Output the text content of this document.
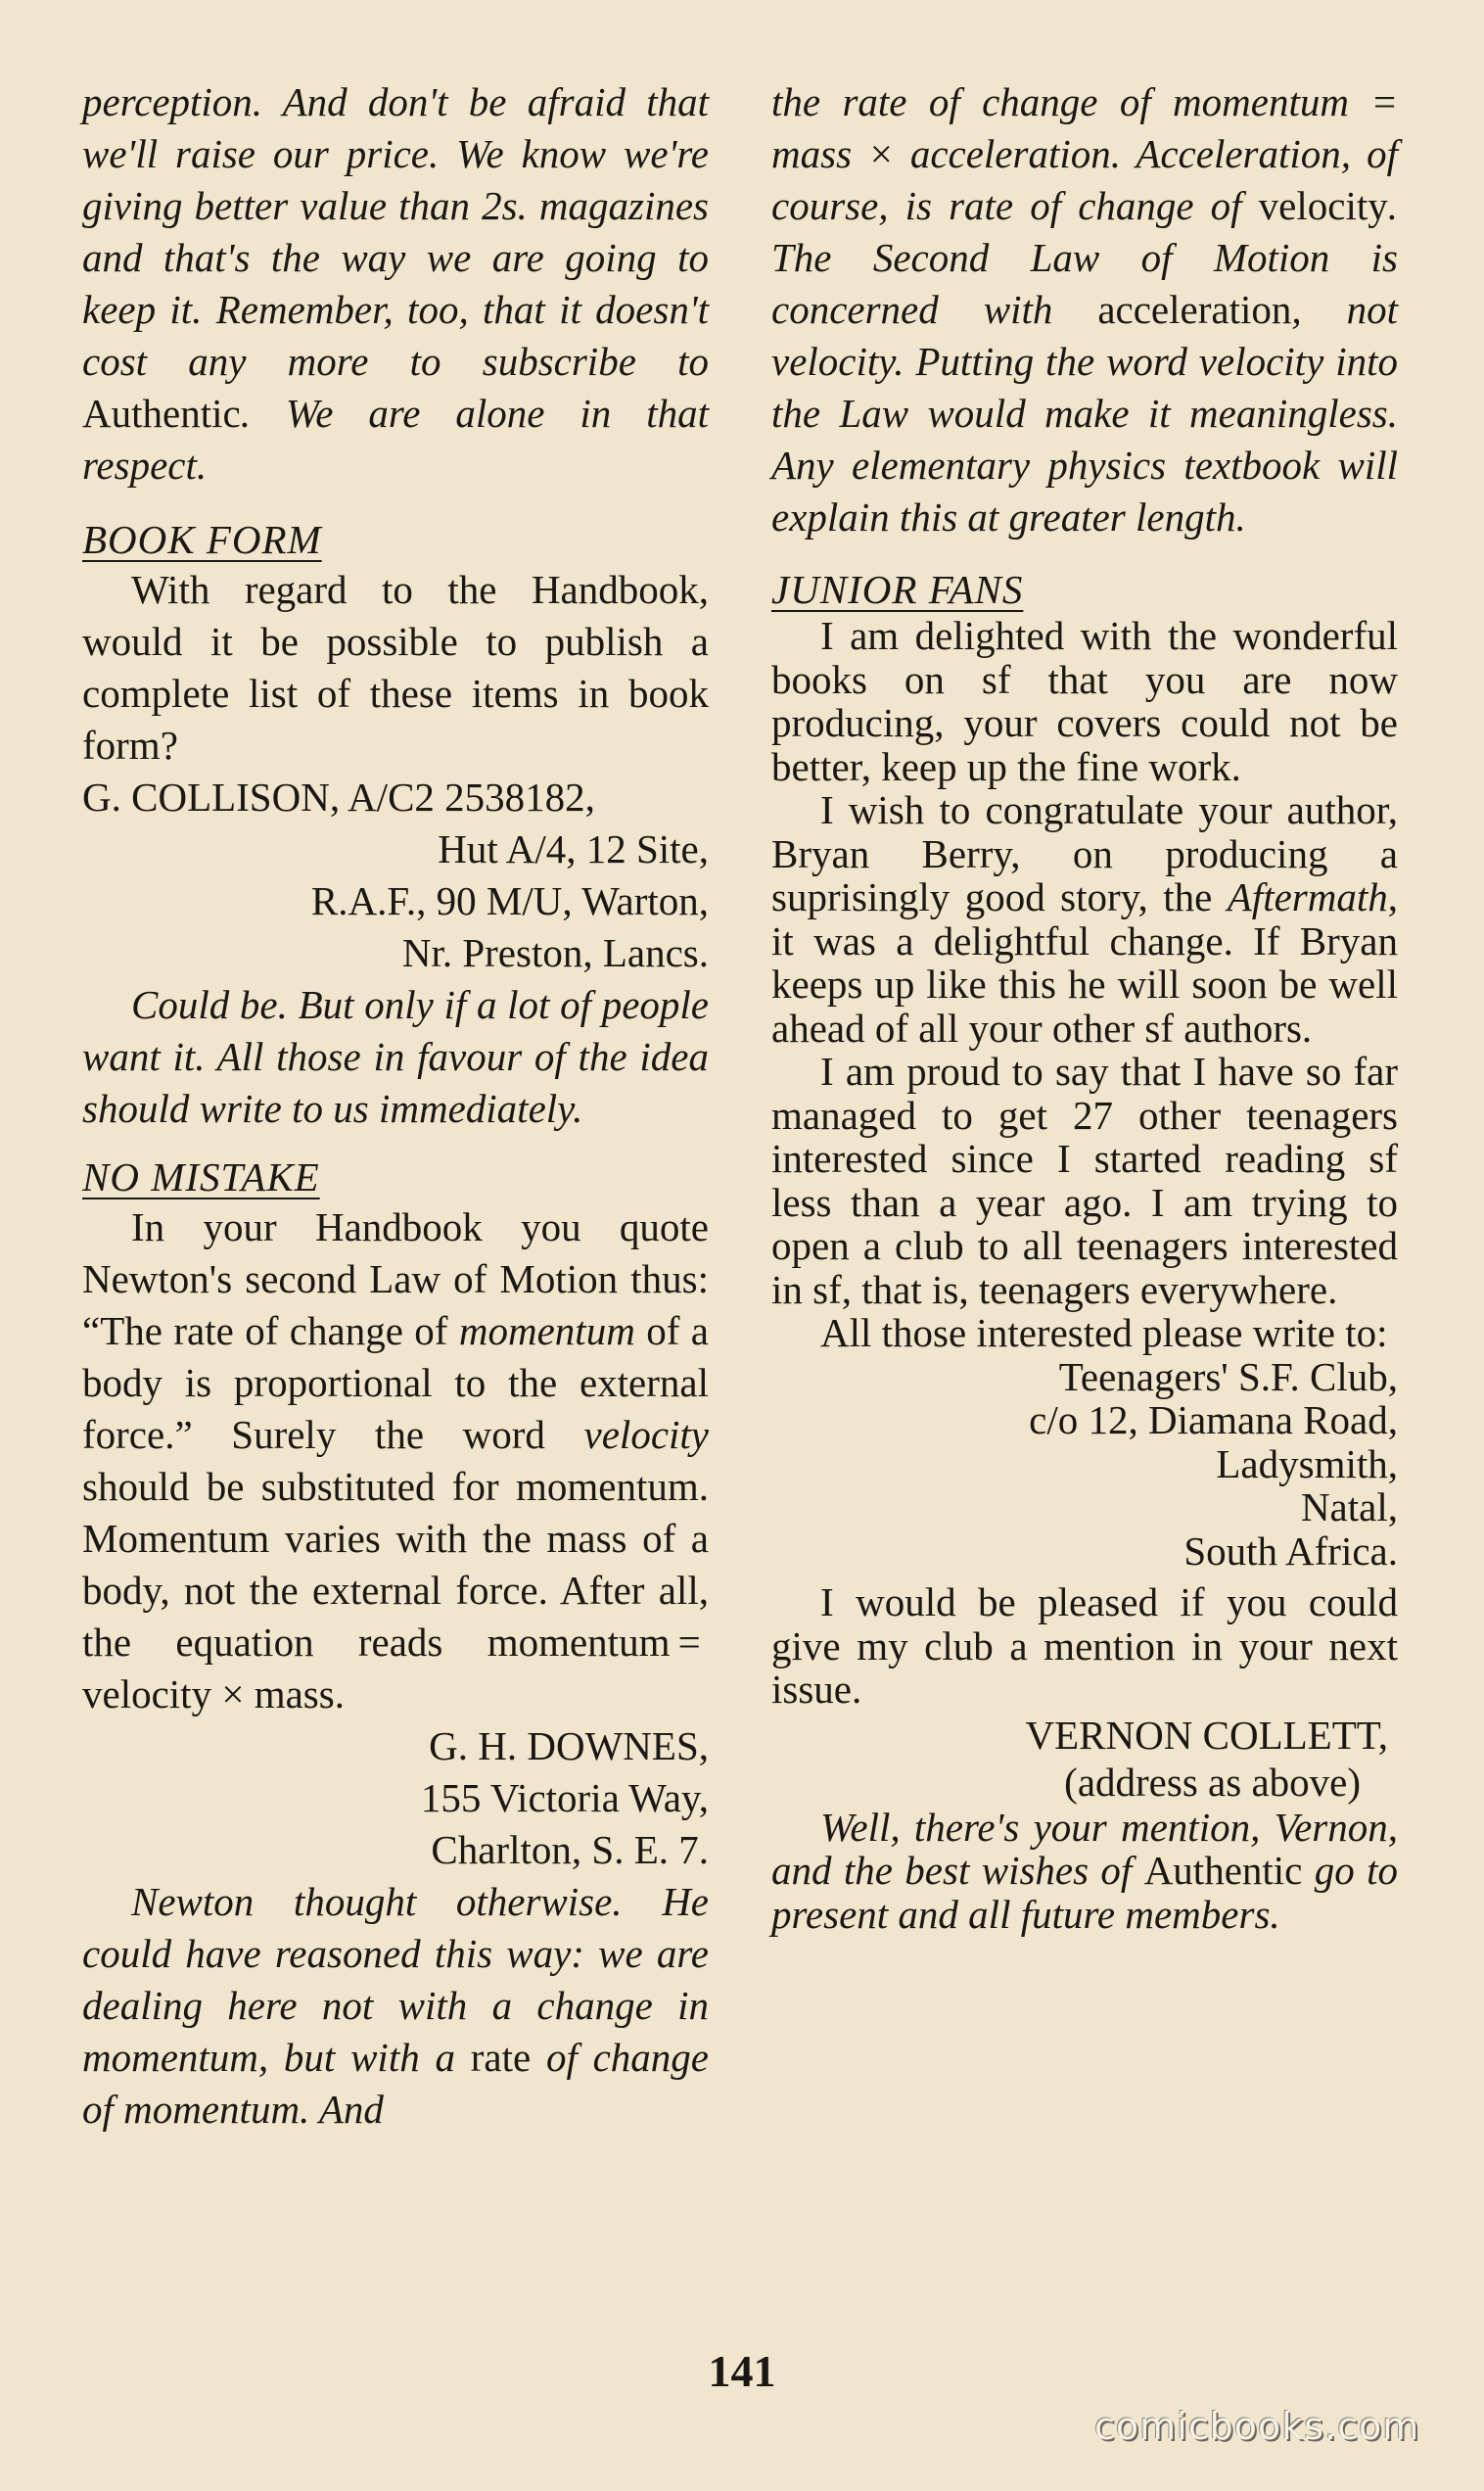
perception. And don't be afraid that we'll raise our price. We know we're giving better value than 2s. magazines and that's the way we are going to keep it. Remember, too, that it doesn't cost any more to subscribe to Authentic. We are alone in that respect.

BOOK FORM

With regard to the Handbook, would it be possible to publish a complete list of these items in book form?

G. COLLISON, A/C2 2538182,

Hut A/4, 12 Site,

R.A.F., 90 M/U, Warton,

Nr. Preston, Lancs.

Could be. But only if a lot of people want it. All those in favour of the idea should write to us immediately.

NO MISTAKE

In your Handbook you quote Newton's second Law of Motion thus: “The rate of change of momentum of a body is proportional to the external force.” Surely the word velocity should be substituted for momentum. Momentum varies with the mass of a body, not the external force. After all, the equation reads momentum = velocity × mass.

G. H. DOWNES,

155 Victoria Way,

Charlton, S. E. 7.

Newton thought otherwise. He could have reasoned this way: we are dealing here not with a change in momentum, but with a rate of change of momentum. And

the rate of change of momentum = mass × acceleration. Acceleration, of course, is rate of change of velocity. The Second Law of Motion is concerned with acceleration, not velocity. Putting the word velocity into the Law would make it meaningless. Any elementary physics textbook will explain this at greater length.

JUNIOR FANS

I am delighted with the wonderful books on sf that you are now producing, your covers could not be better, keep up the fine work.

I wish to congratulate your author, Bryan Berry, on producing a suprisingly good story, the Aftermath, it was a delightful change. If Bryan keeps up like this he will soon be well ahead of all your other sf authors.

I am proud to say that I have so far managed to get 27 other teenagers interested since I started reading sf less than a year ago. I am trying to open a club to all teenagers interested in sf, that is, teenagers everywhere.

All those interested please write to:

Teenagers' S.F. Club,

c/o 12, Diamana Road,

Ladysmith,

Natal,

South Africa.

I would be pleased if you could give my club a mention in your next issue.

VERNON COLLETT,

(address as above)

Well, there's your mention, Vernon, and the best wishes of Authentic go to present and all future members.

141
comicbooks.com
